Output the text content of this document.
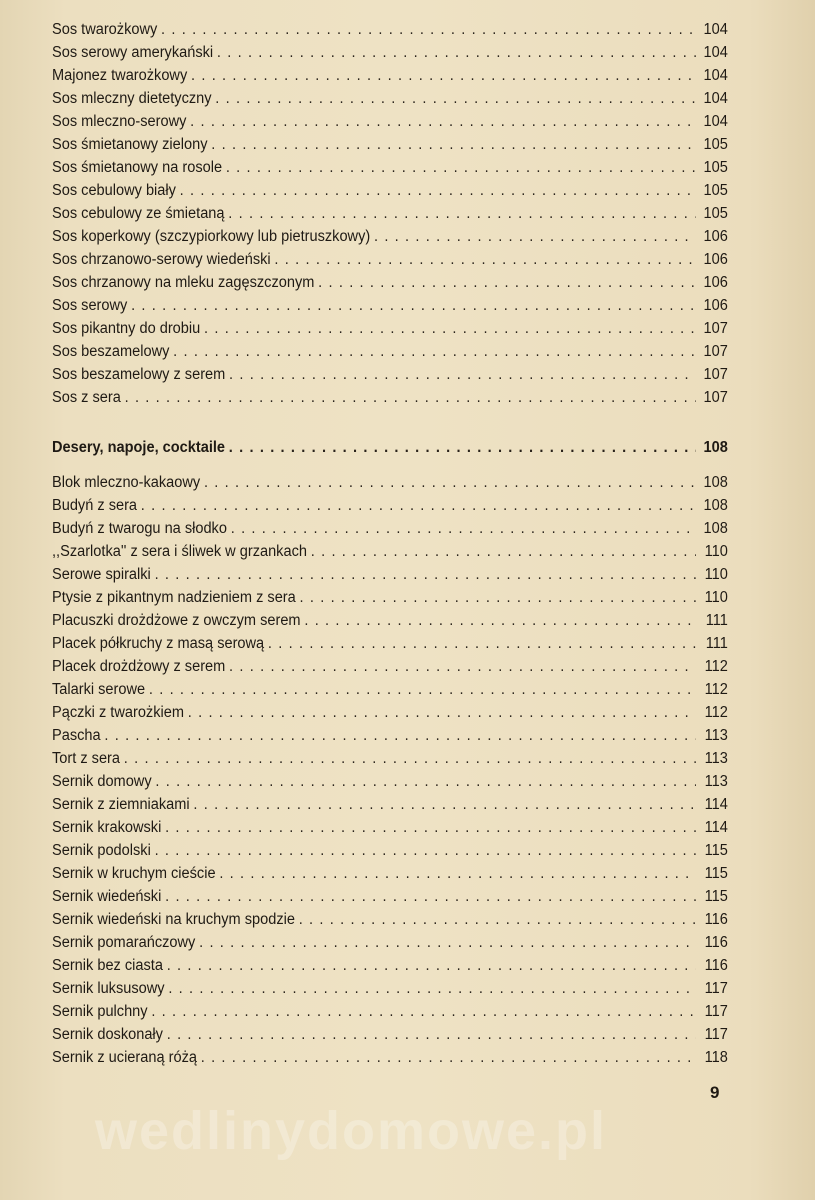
Sos twarożkowy . . .	104
Sos serowy amerykański . . .	104
Majonez twarożkowy . . .	104
Sos mleczny dietetyczny . . .	104
Sos mleczno-serowy . . .	104
Sos śmietanowy zielony . . .	105
Sos śmietanowy na rosole . . .	105
Sos cebulowy biały . . .	105
Sos cebulowy ze śmietaną . . .	105
Sos koperkowy (szczypiorkowy lub pietruszkowy) . . .	106
Sos chrzanowo-serowy wiedeński . . .	106
Sos chrzanowy na mleku zagęszczonym . . .	106
Sos serowy . . .	106
Sos pikantny do drobiu . . .	107
Sos beszamelowy . . .	107
Sos beszamelowy z serem . . .	107
Sos z sera . . .	107
Desery, napoje, cocktaile . . .	108
Blok mleczno-kakaowy . . .	108
Budyń z sera . . .	108
Budyń z twarogu na słodko . . .	108
,,Szarlotka'' z sera i śliwek w grzankach . . .	110
Serowe spiralki . . .	110
Ptysie z pikantnym nadzieniem z sera . . .	110
Placuszki drożdżowe z owczym serem . . .	111
Placek półkruchy z masą serową . . .	111
Placek drożdżowy z serem . . .	112
Talarki serowe . . .	112
Pączki z twarożkiem . . .	112
Pascha . . .	113
Tort z sera . . .	113
Sernik domowy . . .	113
Sernik z ziemniakami . . .	114
Sernik krakowski . . .	114
Sernik podolski . . .	115
Sernik w kruchym cieście . . .	115
Sernik wiedeński . . .	115
Sernik wiedeński na kruchym spodzie . . .	116
Sernik pomarańczowy . . .	116
Sernik bez ciasta . . .	116
Sernik luksusowy . . .	117
Sernik pulchny . . .	117
Sernik doskonały . . .	117
Sernik z ucieraną różą . . .	118
9
wedlinydomowe.pl
